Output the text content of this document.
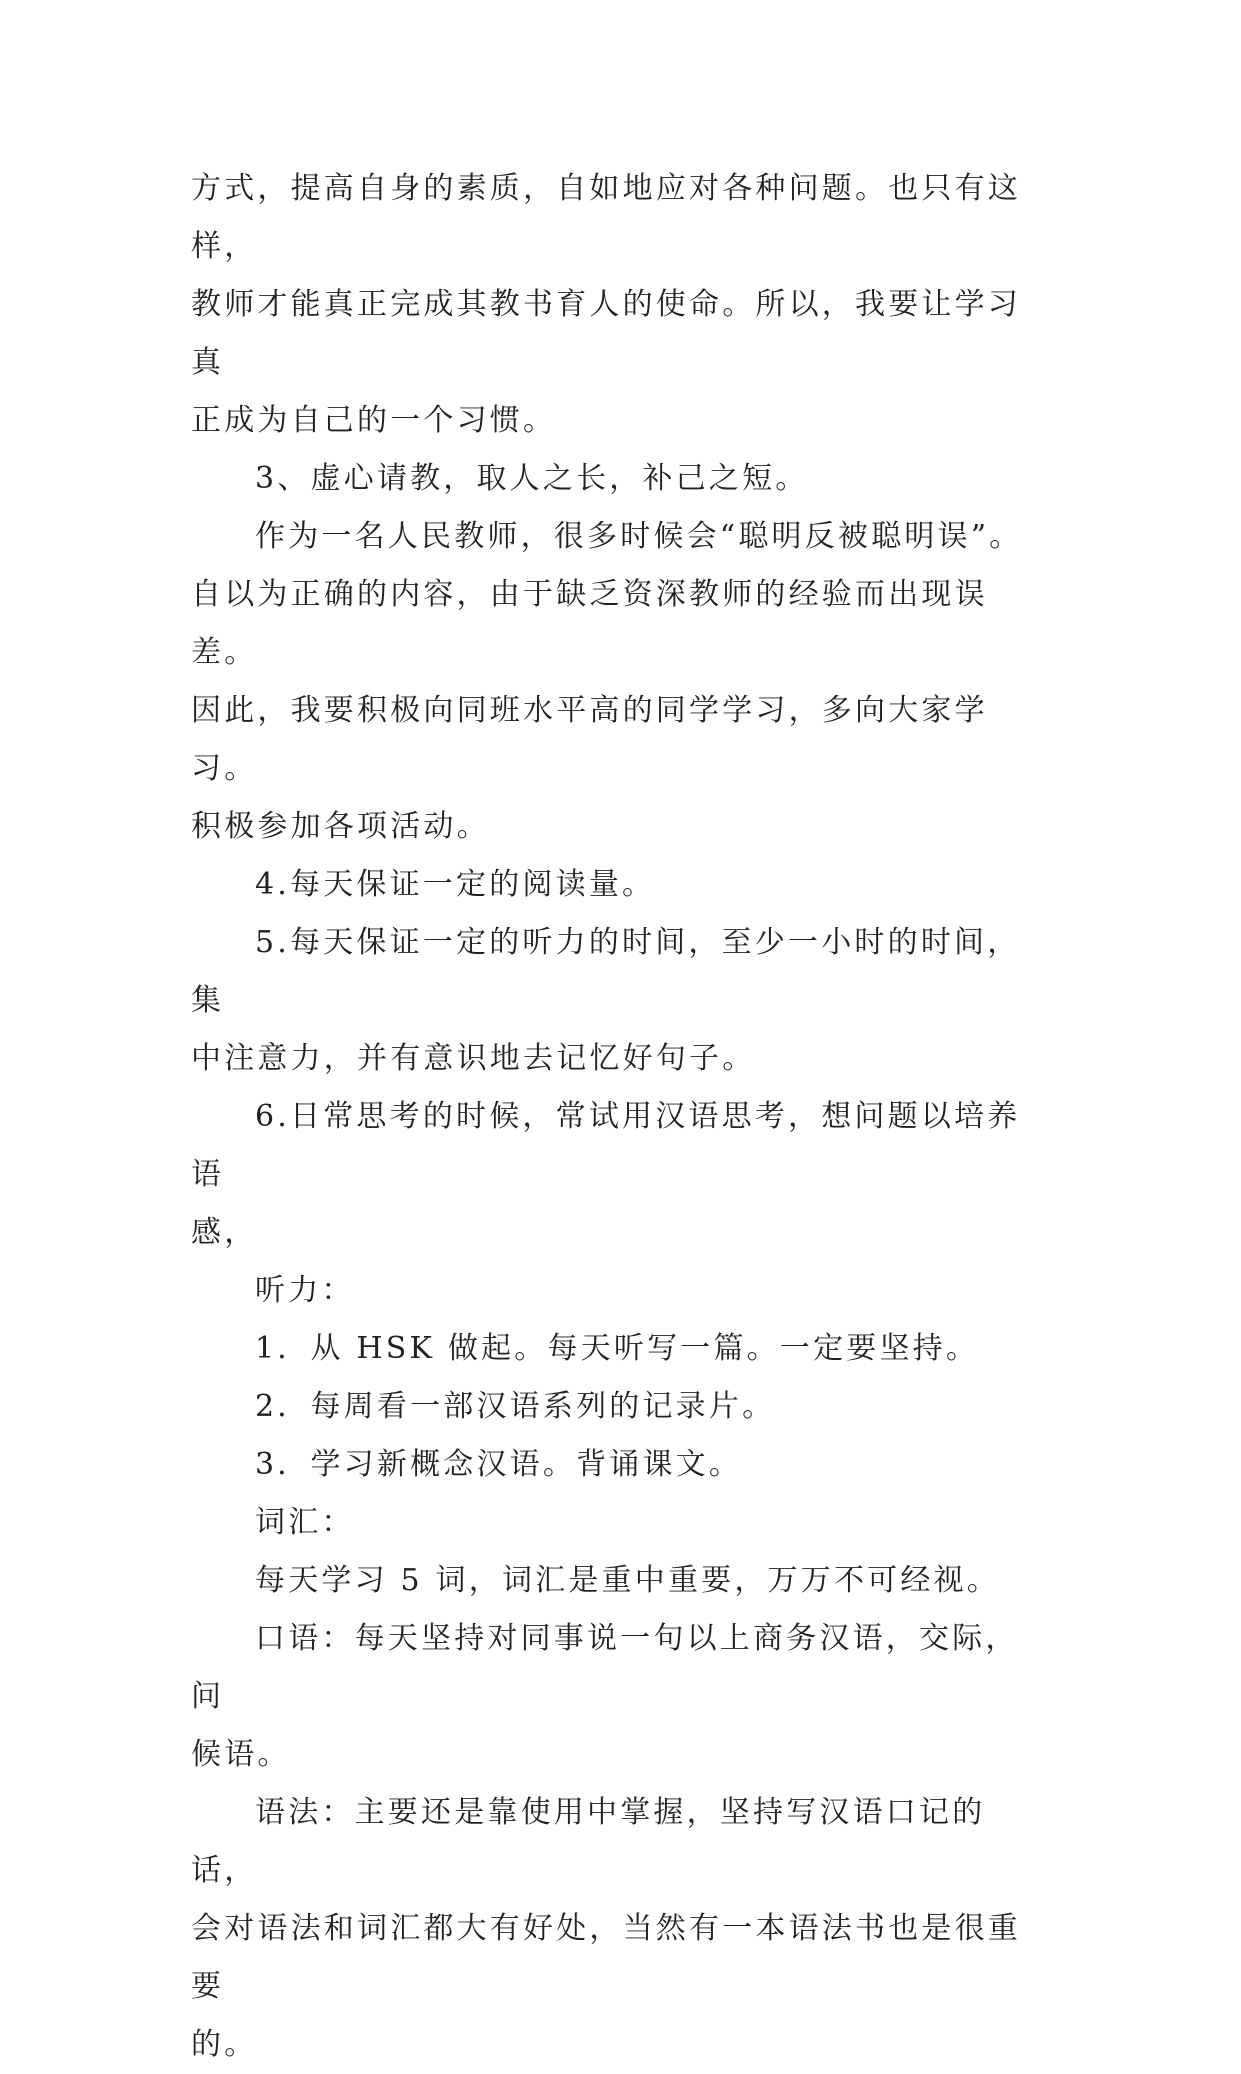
方式，提高自身的素质，自如地应对各种问题。也只有这样，
教师才能真正完成其教书育人的使命。所以，我要让学习真
正成为自己的一个习惯。

3、虚心请教，取人之长，补己之短。

作为一名人民教师，很多时候会“聪明反被聪明误”。
自以为正确的内容，由于缺乏资深教师的经验而出现误差。
因此，我要积极向同班水平高的同学学习，多向大家学习。
积极参加各项活动。

4.每天保证一定的阅读量。

5.每天保证一定的听力的时间，至少一小时的时间，集
中注意力，并有意识地去记忆好句子。

6.日常思考的时候，常试用汉语思考，想问题以培养语
感，

听力：

1．从 HSK 做起。每天听写一篇。一定要坚持。

2．每周看一部汉语系列的记录片。

3．学习新概念汉语。背诵课文。

词汇：

每天学习 5 词，词汇是重中重要，万万不可经视。

口语：每天坚持对同事说一句以上商务汉语，交际，问
候语。

语法：主要还是靠使用中掌握，坚持写汉语口记的话，
会对语法和词汇都大有好处，当然有一本语法书也是很重要
的。
